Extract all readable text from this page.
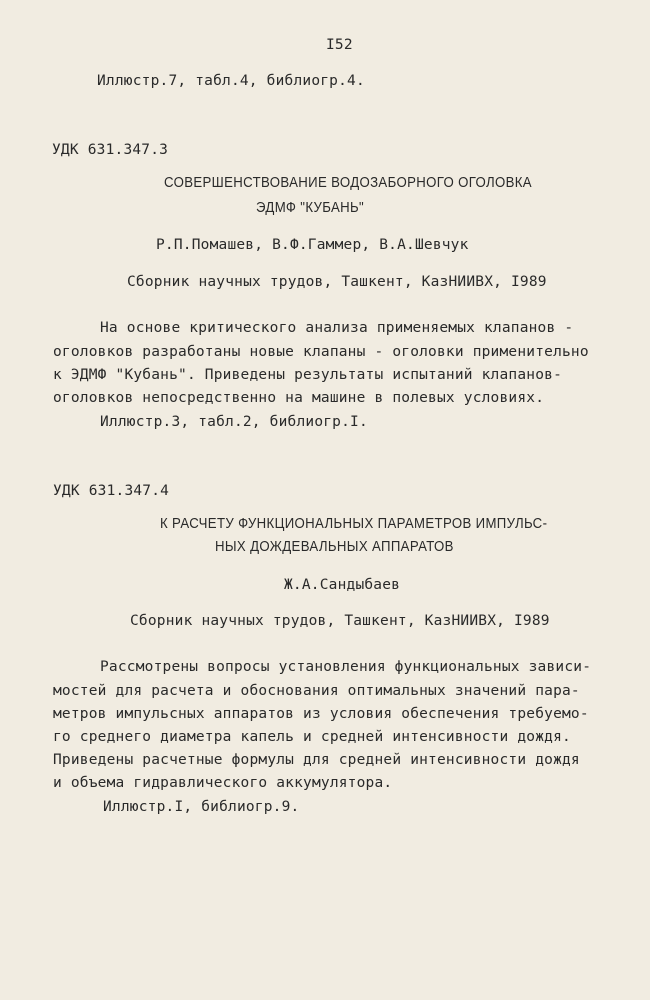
I52
Иллюстр.7, табл.4, библиогр.4.
УДК 631.347.3
СОВЕРШЕНСТВОВАНИЕ ВОДОЗАБОРНОГО ОГОЛОВКА
ЭДМФ "КУБАНЬ"
Р.П.Помашев, В.Ф.Гаммер, В.А.Шевчук
Сборник научных трудов, Ташкент, КазНИИВХ, I989
На основе критического анализа применяемых клапанов -
оголовков разработаны новые клапаны - оголовки применительно
к ЭДМФ "Кубань". Приведены результаты испытаний клапанов-
оголовков непосредственно на машине в полевых условиях.
Иллюстр.3, табл.2, библиогр.I.
УДК 631.347.4
К РАСЧЕТУ ФУНКЦИОНАЛЬНЫХ ПАРАМЕТРОВ ИМПУЛЬС-
НЫХ ДОЖДЕВАЛЬНЫХ АППАРАТОВ
Ж.А.Сандыбаев
Сборник научных трудов, Ташкент, КазНИИВХ, I989
Рассмотрены вопросы установления функциональных зависи-
мостей для расчета и обоснования оптимальных значений пара-
метров импульсных аппаратов из условия обеспечения требуемо-
го среднего диаметра капель и средней интенсивности дождя.
Приведены расчетные формулы для средней интенсивности дождя
и объема гидравлического аккумулятора.
Иллюстр.I, библиогр.9.
